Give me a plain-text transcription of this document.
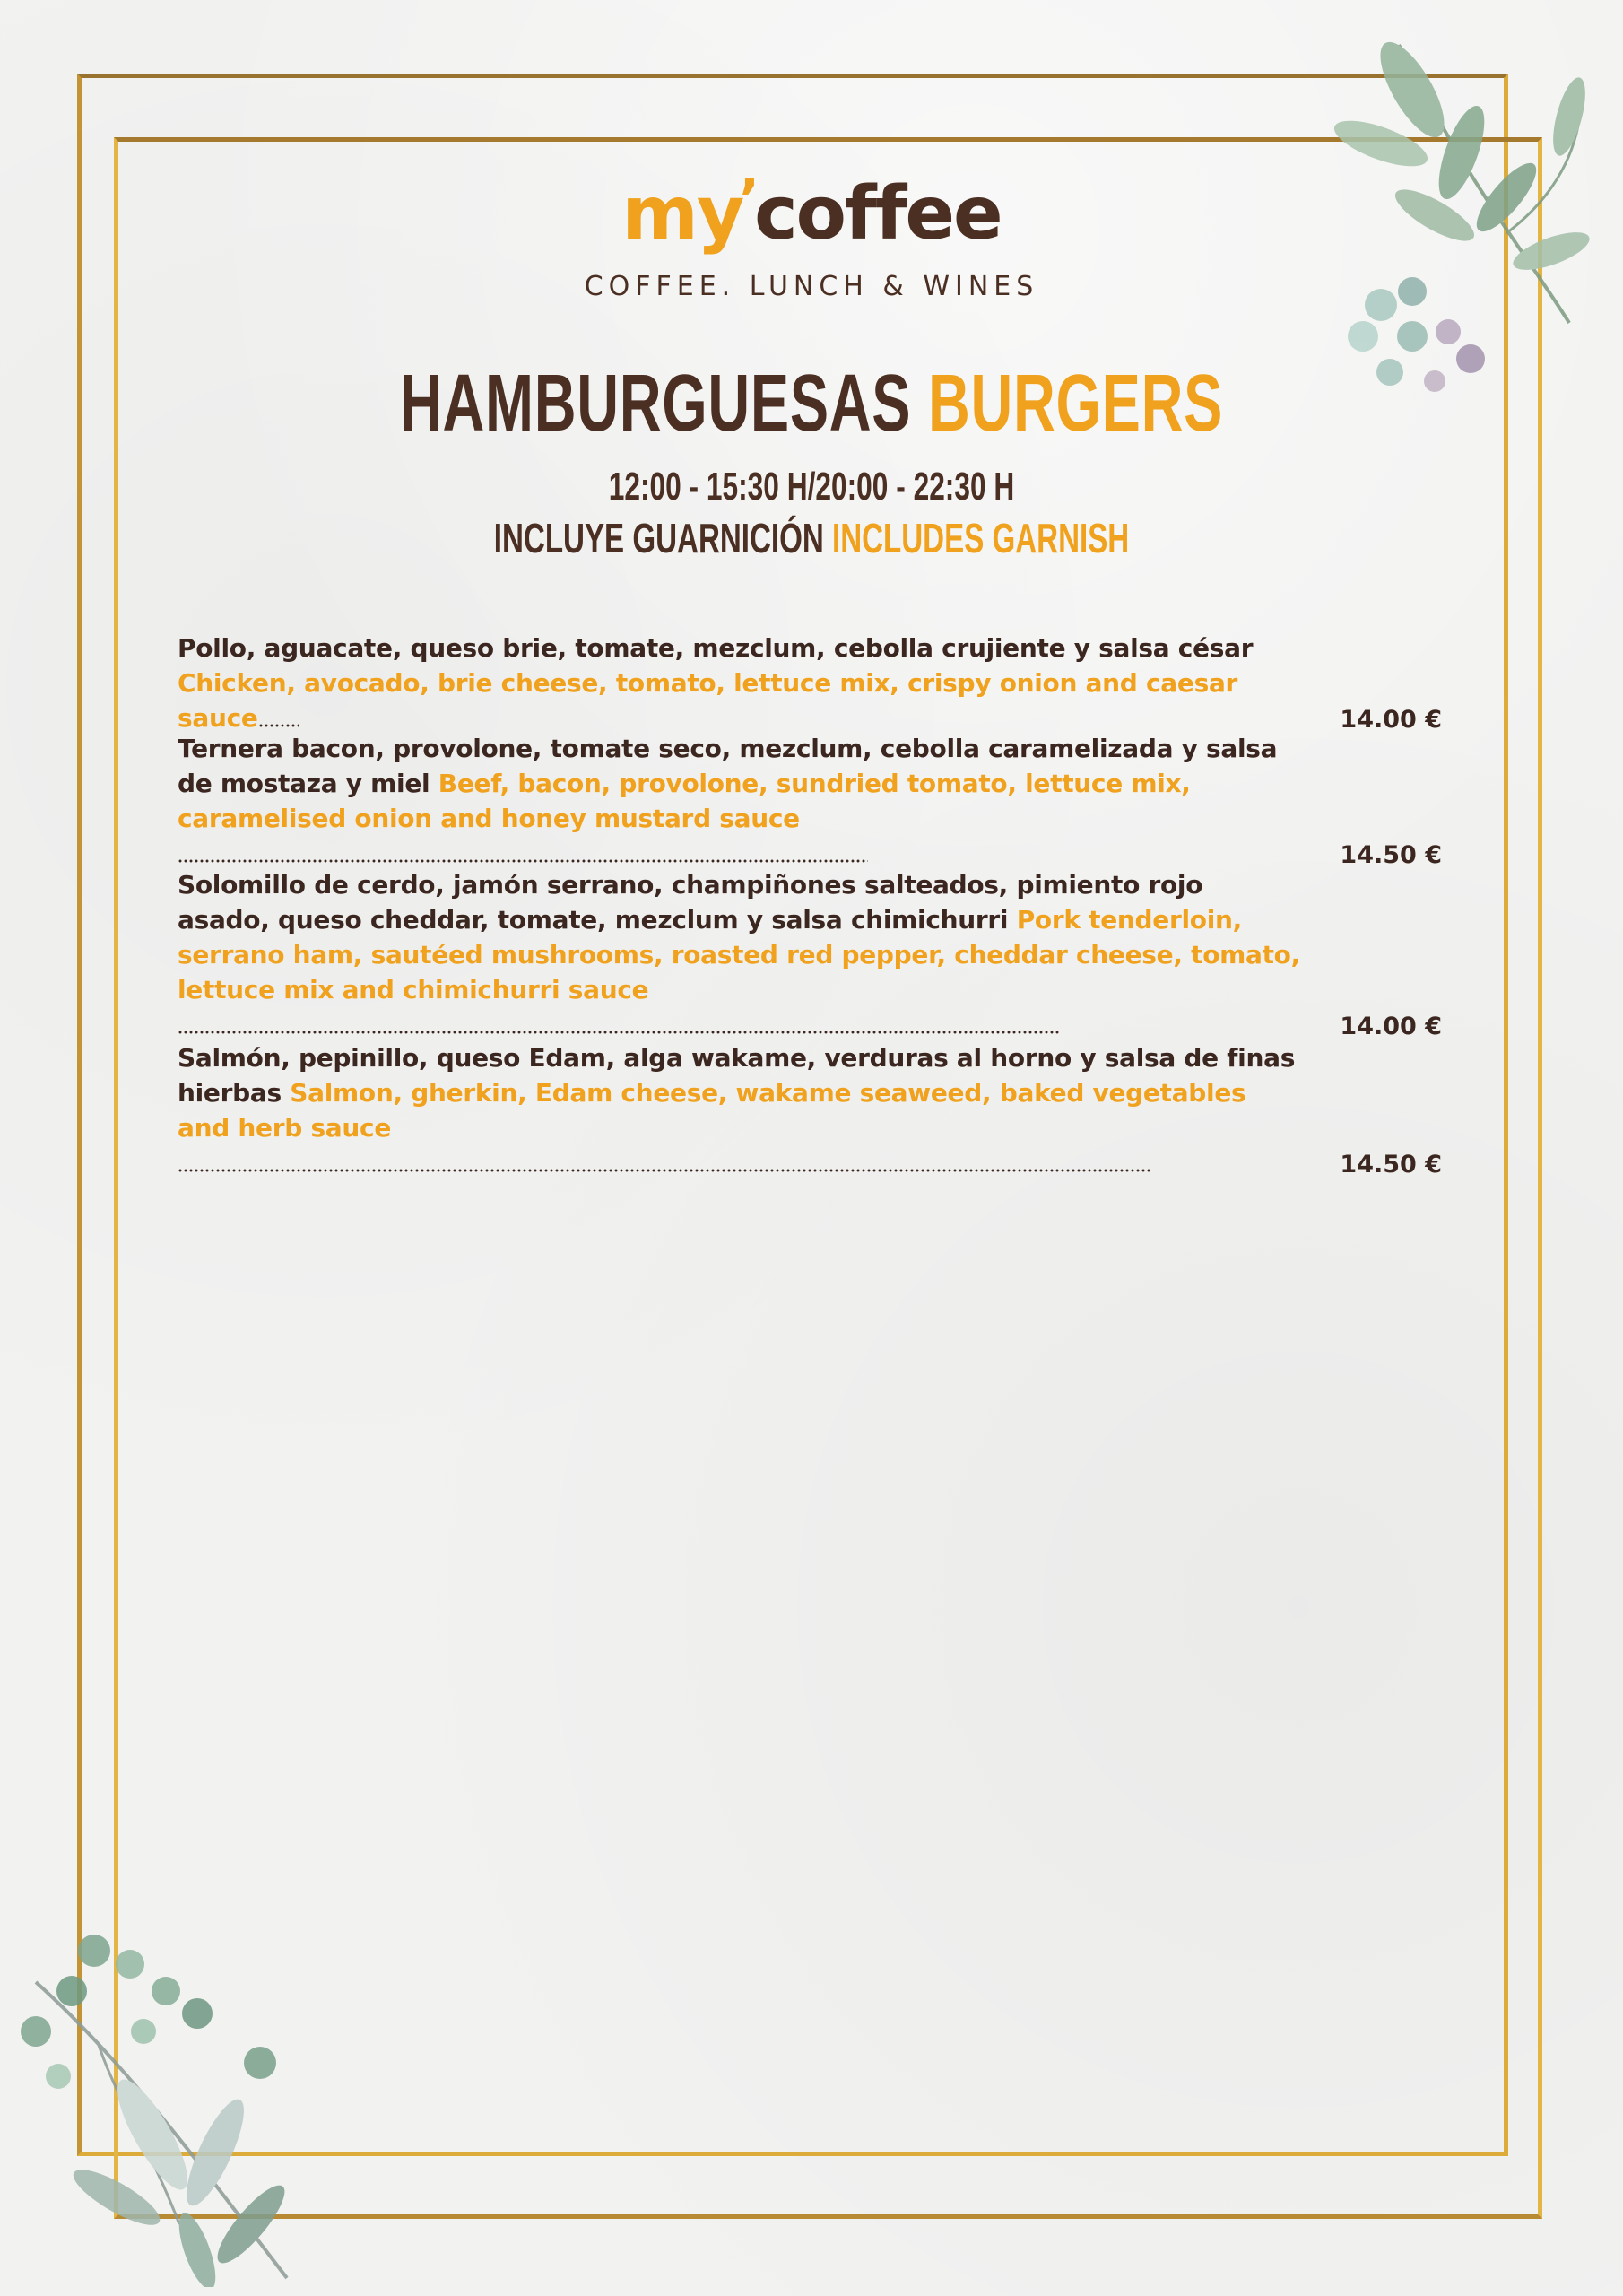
my’coffee
COFFEE. LUNCH & WINES
HAMBURGUESAS BURGERS
12:00 - 15:30 H/20:00 - 22:30 H
INCLUYE GUARNICIÓN INCLUDES GARNISH
Pollo, aguacate, queso brie, tomate, mezclum, cebolla crujiente y salsa césar
Chicken, avocado, brie cheese, tomato, lettuce mix, crispy onion and caesar sauce	14.00 €
Ternera bacon, provolone, tomate seco, mezclum, cebolla caramelizada y salsa de mostaza y miel Beef, bacon, provolone, sundried tomato, lettuce mix, caramelised onion and honey mustard sauce
14.50 €
Solomillo de cerdo, jamón serrano, champiñones salteados, pimiento rojo asado, queso cheddar, tomate, mezclum y salsa chimichurri Pork tenderloin, serrano ham, sautéed mushrooms, roasted red pepper, cheddar cheese, tomato, lettuce mix and chimichurri sauce
14.00 €
Salmón, pepinillo, queso Edam, alga wakame, verduras al horno y salsa de finas hierbas Salmon, gherkin, Edam cheese, wakame seaweed, baked vegetables and herb sauce
14.50 €
